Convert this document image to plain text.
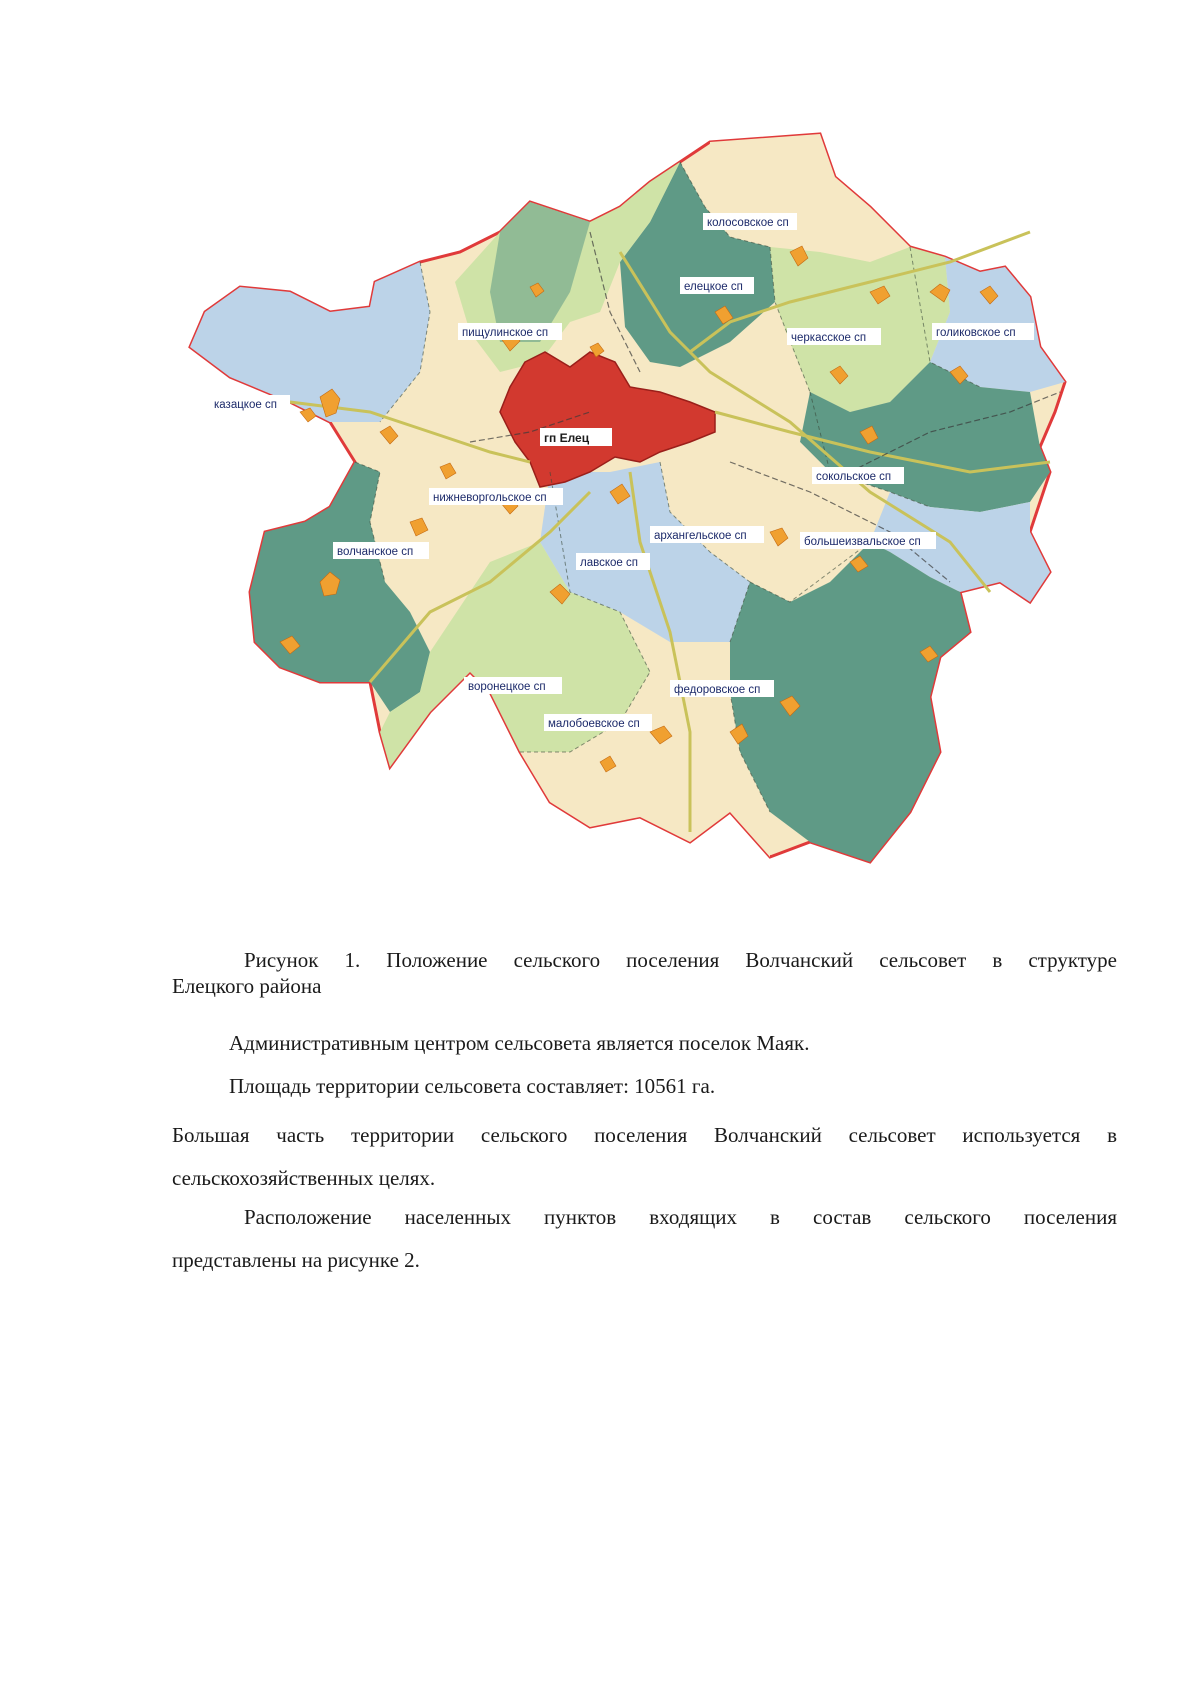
колосовское сп
елецкое сп
пищулинское сп	черкасское сп	голиковское сп
казацкое сп
гп Елец
нижневоргольское сп
сокольское сп
архангельское сп	большеизвальское сп
волчанское сп
лавское сп
воронецкое сп	федоровское сп
малобоевское сп
Рисунок 1. Положение сельского поселения Волчанский сельсовет в структуре
Елецкого района
Административным центром сельсовета является поселок Маяк.
Площадь территории сельсовета составляет: 10561 га.
Большая часть территории сельского поселения Волчанский сельсовет используется в
сельскохозяйственных целях.
Расположение населенных пунктов входящих в состав сельского поселения
представлены на рисунке 2.
